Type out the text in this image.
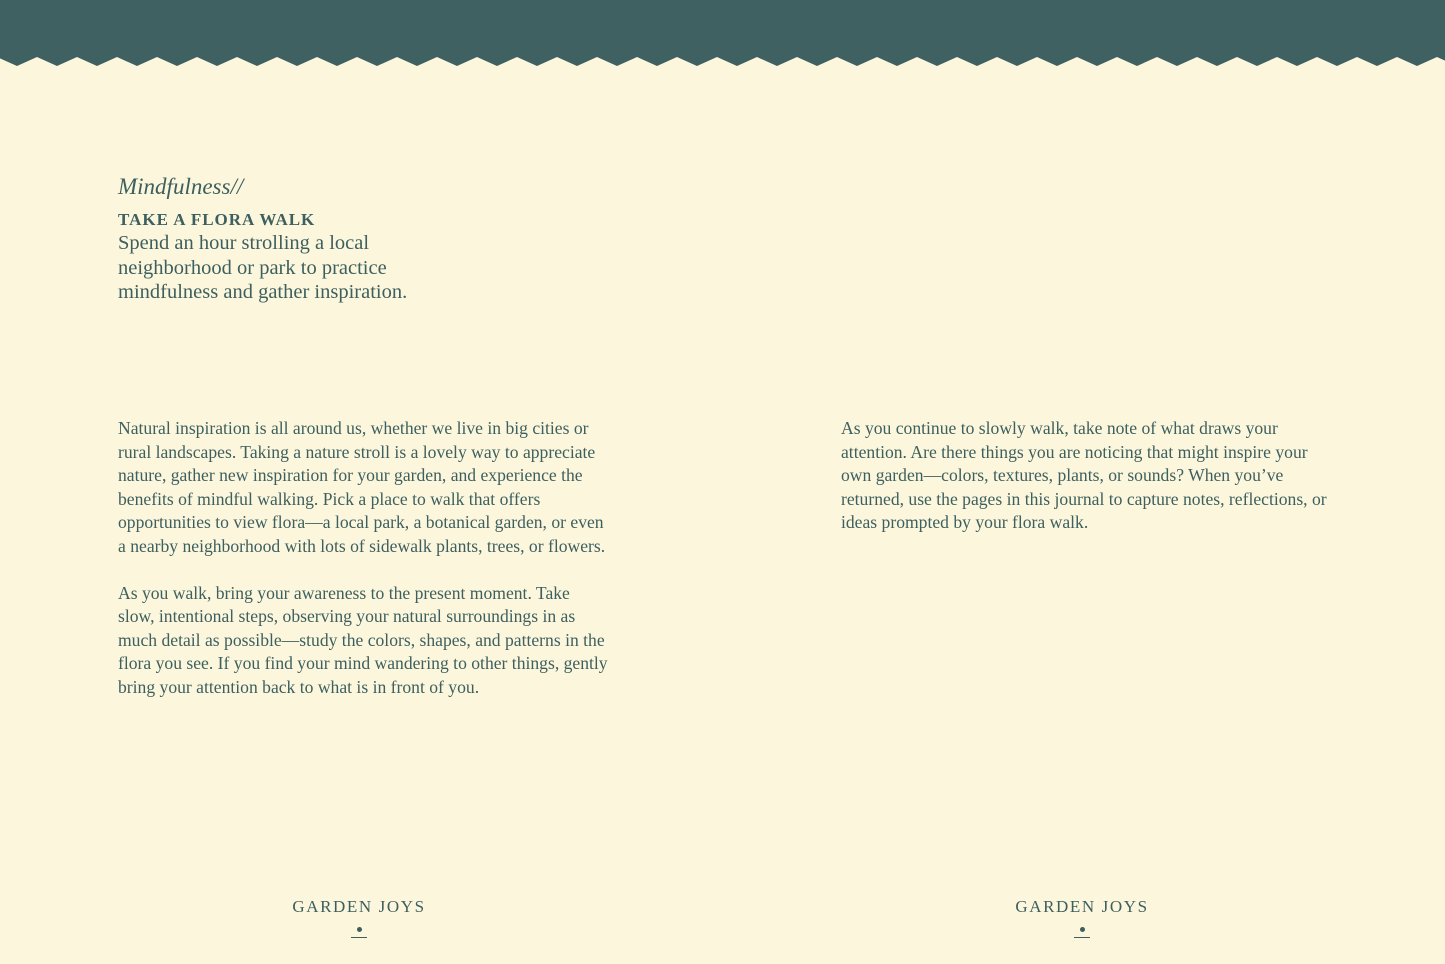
Mindfulness//
TAKE A FLORA WALK
Spend an hour strolling a local neighborhood or park to practice mindfulness and gather inspiration.

Natural inspiration is all around us, whether we live in big cities or rural landscapes. Taking a nature stroll is a lovely way to appreciate nature, gather new inspiration for your garden, and experience the benefits of mindful walking. Pick a place to walk that offers opportunities to view flora—a local park, a botanical garden, or even a nearby neighborhood with lots of sidewalk plants, trees, or flowers.

As you walk, bring your awareness to the present moment. Take slow, intentional steps, observing your natural surroundings in as much detail as possible—study the colors, shapes, and patterns in the flora you see. If you find your mind wandering to other things, gently bring your attention back to what is in front of you.

As you continue to slowly walk, take note of what draws your attention. Are there things you are noticing that might inspire your own garden—colors, textures, plants, or sounds? When you’ve returned, use the pages in this journal to capture notes, reflections, or ideas prompted by your flora walk.

GARDEN JOYS	GARDEN JOYS
